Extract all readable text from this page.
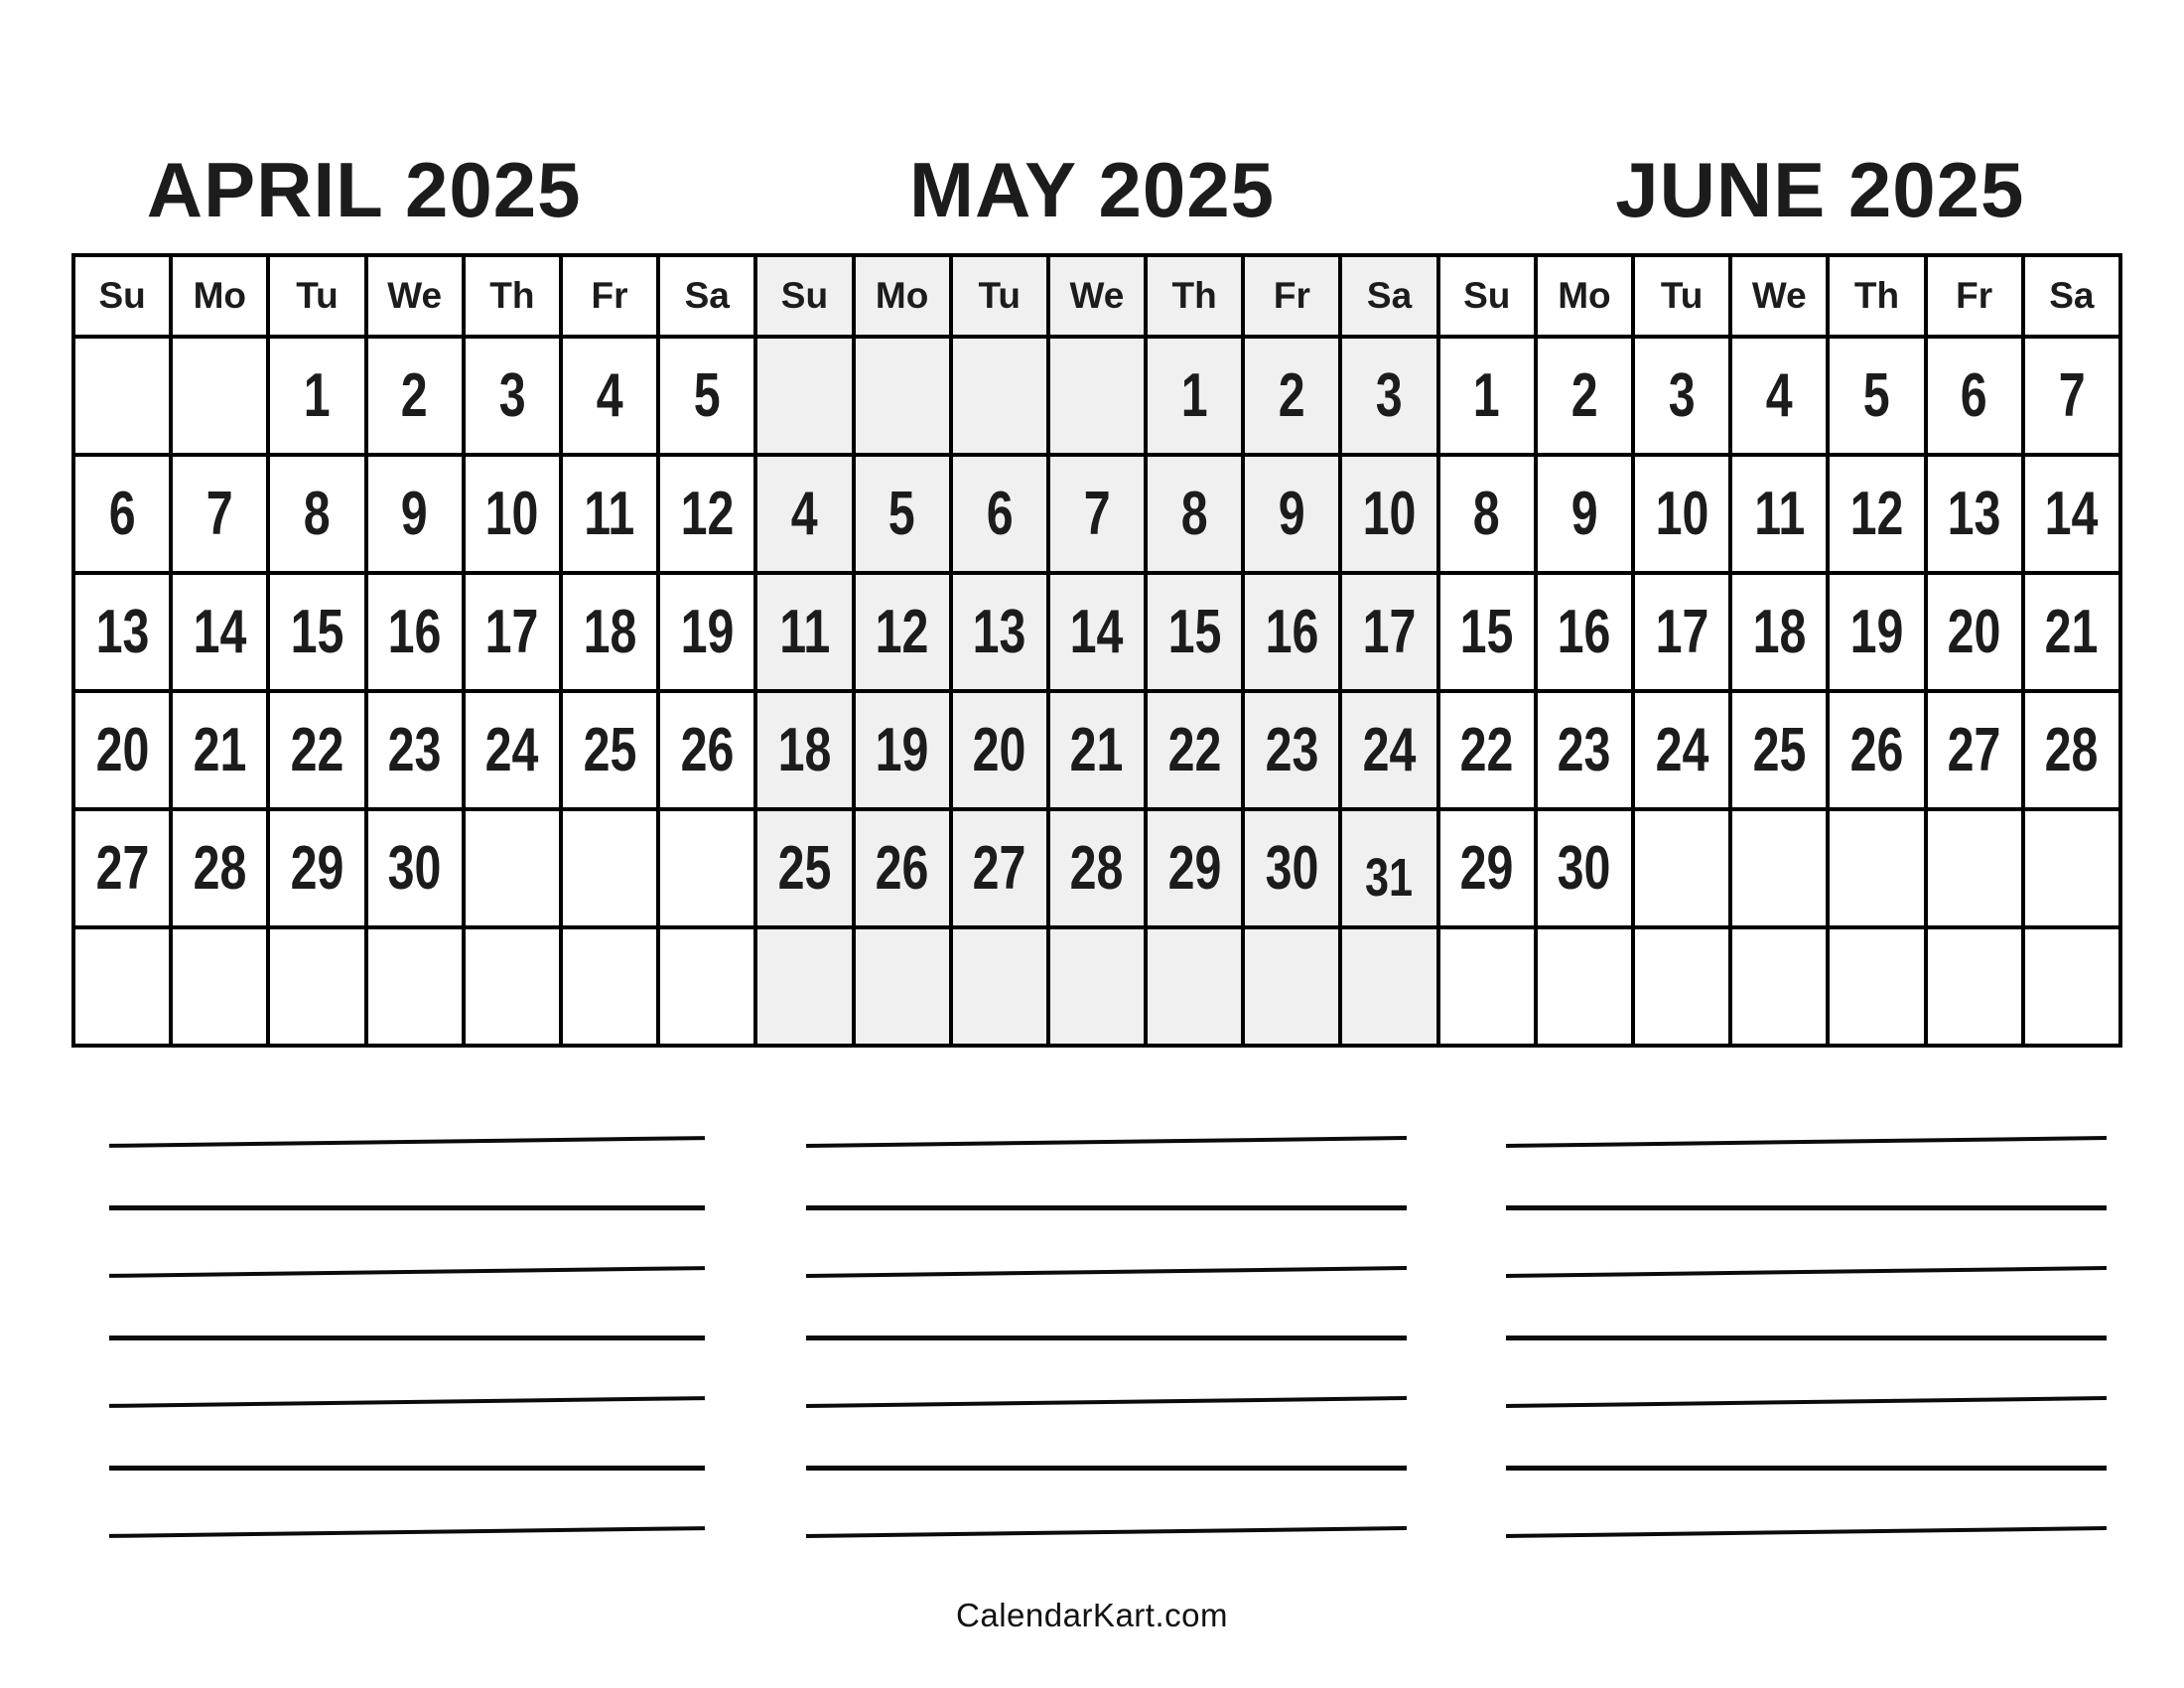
APRIL 2025	MAY 2025	JUNE 2025
Su	Mo	Tu	We	Th	Fr	Sa	Su	Mo	Tu	We	Th	Fr	Sa	Su	Mo	Tu	We	Th	Fr	Sa
		1	2	3	4	5					1	2	3	1	2	3	4	5	6	7
6	7	8	9	10	11	12	4	5	6	7	8	9	10	8	9	10	11	12	13	14
13	14	15	16	17	18	19	11	12	13	14	15	16	17	15	16	17	18	19	20	21
20	21	22	23	24	25	26	18	19	20	21	22	23	24	22	23	24	25	26	27	28
27	28	29	30				25	26	27	28	29	30	31	29	30					

CalendarKart.com
